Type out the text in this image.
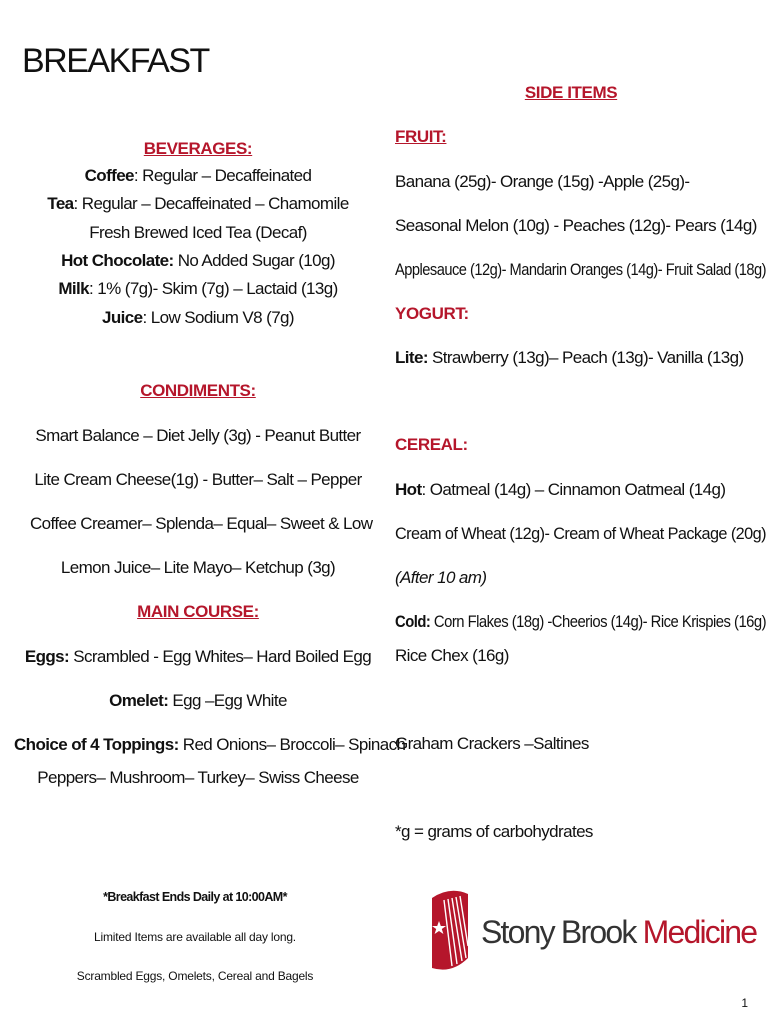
BREAKFAST
BEVERAGES:
Coffee: Regular – Decaffeinated
Tea: Regular – Decaffeinated – Chamomile
Fresh Brewed Iced Tea (Decaf)
Hot Chocolate: No Added Sugar (10g)
Milk: 1% (7g)- Skim (7g) – Lactaid (13g)
Juice: Low Sodium V8 (7g)
CONDIMENTS:
Smart Balance – Diet Jelly (3g) - Peanut Butter
Lite Cream Cheese(1g) - Butter– Salt – Pepper
Coffee Creamer– Splenda– Equal– Sweet & Low
Lemon Juice– Lite Mayo– Ketchup (3g)
MAIN COURSE:
Eggs: Scrambled - Egg Whites– Hard Boiled Egg
Omelet: Egg –Egg White
Choice of 4 Toppings: Red Onions– Broccoli– Spinach
Peppers– Mushroom– Turkey– Swiss Cheese
SIDE ITEMS
FRUIT:
Banana (25g)- Orange (15g) -Apple (25g)-
Seasonal Melon (10g) - Peaches (12g)- Pears (14g)
Applesauce (12g)- Mandarin Oranges (14g)- Fruit Salad (18g)
YOGURT:
Lite: Strawberry (13g)– Peach (13g)- Vanilla (13g)
CEREAL:
Hot: Oatmeal (14g) – Cinnamon Oatmeal (14g)
Cream of Wheat (12g)- Cream of Wheat Package (20g)
(After 10 am)
Cold: Corn Flakes (18g) -Cheerios (14g)- Rice Krispies (16g)
Rice Chex (16g)
Graham Crackers –Saltines
*g = grams of carbohydrates
*Breakfast Ends Daily at 10:00AM*
Limited Items are available all day long.
Scrambled Eggs, Omelets, Cereal and Bagels
Stony Brook Medicine
1
